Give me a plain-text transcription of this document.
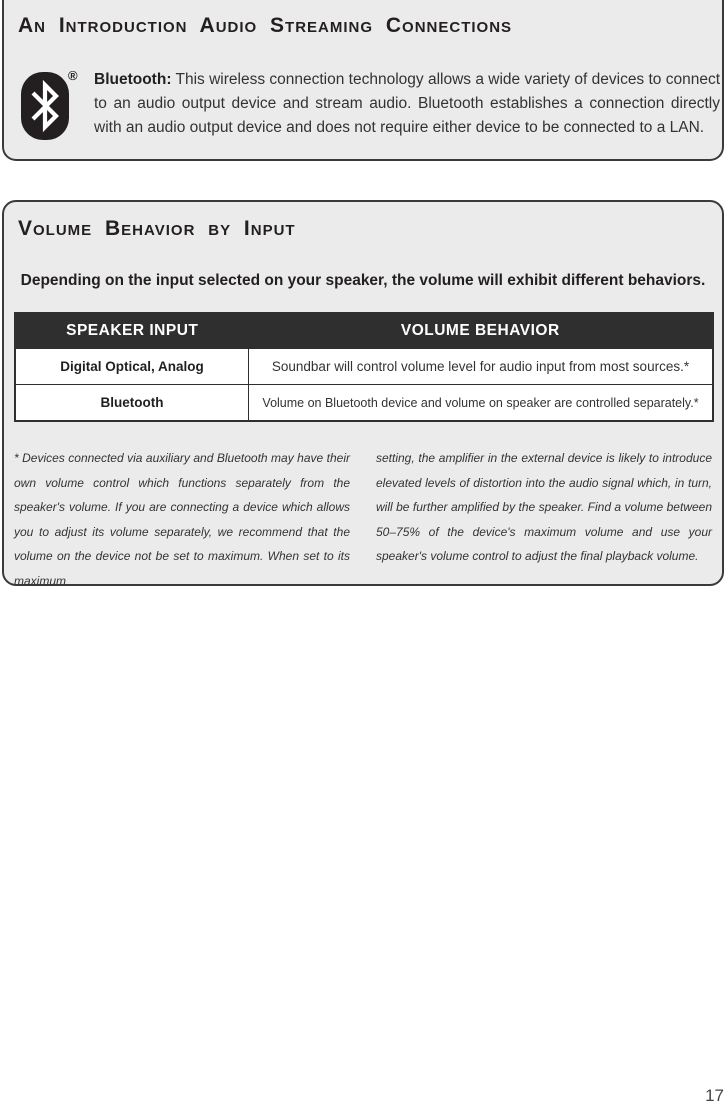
An Introduction Audio Streaming Connections
® Bluetooth: This wireless connection technology allows a wide variety of devices to connect to an audio output device and stream audio. Bluetooth establishes a connection directly with an audio output device and does not require either device to be connected to a LAN.

Volume Behavior by Input

Depending on the input selected on your speaker, the volume will exhibit different behaviors.

SPEAKER INPUT	VOLUME BEHAVIOR
Digital Optical, Analog	Soundbar will control volume level for audio input from most sources.*
Bluetooth	Volume on Bluetooth device and volume on speaker are controlled separately.*

* Devices connected via auxiliary and Bluetooth may have their own volume control which functions separately from the speaker's volume. If you are connecting a device which allows you to adjust its volume separately, we recommend that the volume on the device not be set to maximum. When set to its maximum

setting, the amplifier in the external device is likely to introduce elevated levels of distortion into the audio signal which, in turn, will be further amplified by the speaker. Find a volume between 50–75% of the device's maximum volume and use your speaker's volume control to adjust the final playback volume.

17
